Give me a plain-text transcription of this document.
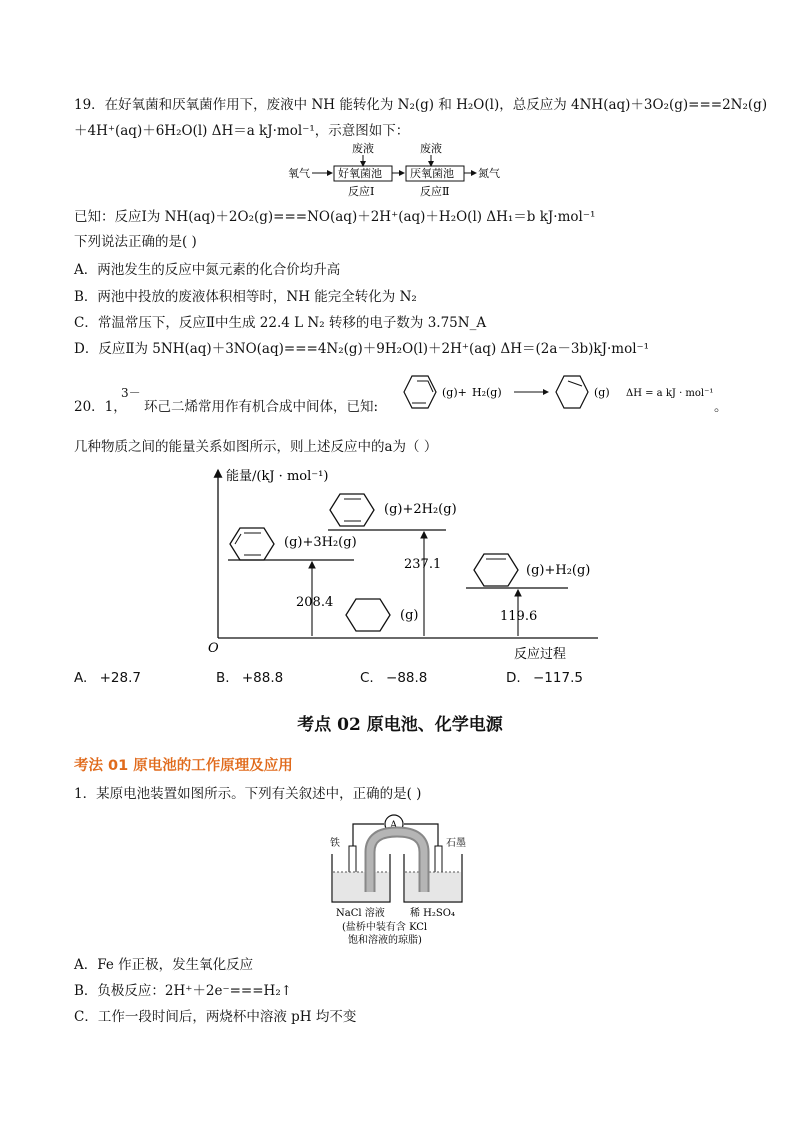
19．在好氧菌和厌氧菌作用下，废液中 NH 能转化为 N₂(g) 和 H₂O(l)，总反应为 4NH(aq)＋3O₂(g)===2N₂(g)
＋4H⁺(aq)＋6H₂O(l) ΔH＝a kJ·mol⁻¹，示意图如下：
废液	废液
氧气	好氧菌池	厌氧菌池 氮气
反应Ⅰ	反应Ⅱ
已知：反应Ⅰ为 NH(aq)＋2O₂(g)===NO(aq)＋2H⁺(aq)＋H₂O(l) ΔH₁＝b kJ·mol⁻¹
下列说法正确的是( )
A．两池发生的反应中氮元素的化合价均升高
B．两池中投放的废液体积相等时，NH 能完全转化为 N₂
C．常温常压下，反应Ⅱ中生成 22.4 L N₂ 转移的电子数为 3.75N_A
D．反应Ⅱ为 5NH(aq)＋3NO(aq)===4N₂(g)＋9H₂O(l)＋2H⁺(aq) ΔH＝(2a－3b)kJ·mol⁻¹
20．1，
3－
环己二烯常用作有机合成中间体，已知:
(g)+ H₂(g)	(g) ΔH = a kJ · mol⁻¹
。
几种物质之间的能量关系如图所示，则上述反应中的a为（ ）
能量/(kJ · mol⁻¹)
O	反应过程
(g)+3H₂(g)
(g)+2H₂(g)
(g)
(g)+H₂(g)
208.4
237.1
119.6
A. +28.7	B. +88.8	C. −88.8	D. −117.5
考点 02 原电池、化学电源
考法 01 原电池的工作原理及应用
1．某原电池装置如图所示。下列有关叙述中，正确的是( )
A
铁	石墨
NaCl 溶液	稀 H₂SO₄
(盐桥中装有含 KCl
饱和溶液的琼脂)
A．Fe 作正极，发生氧化反应
B．负极反应：2H⁺＋2e⁻===H₂↑
C．工作一段时间后，两烧杯中溶液 pH 均不变
